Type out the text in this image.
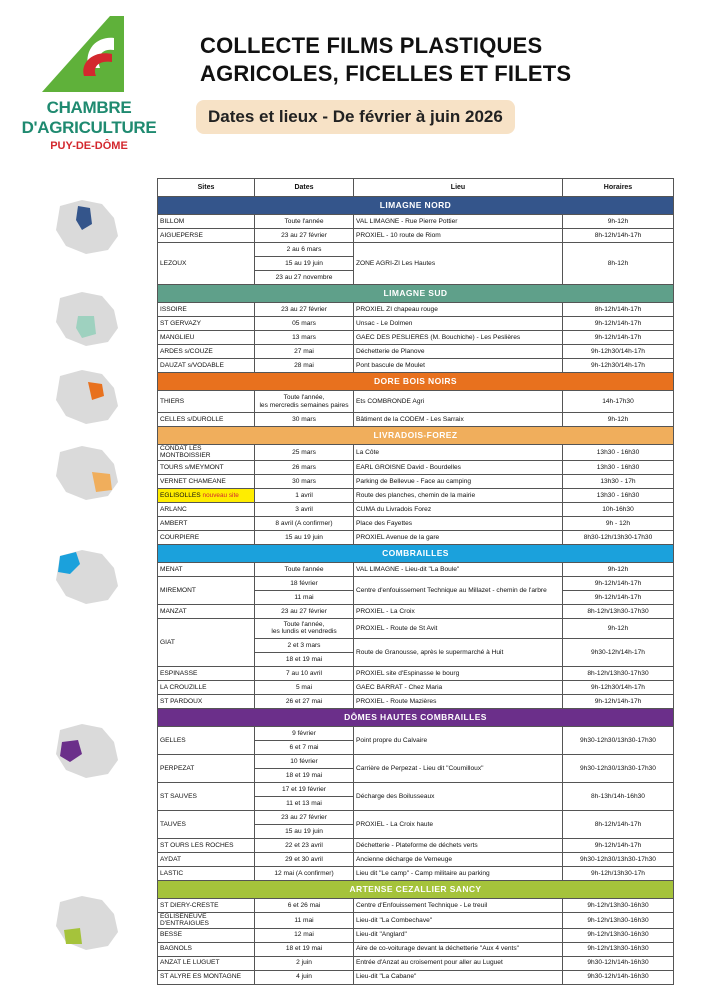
CHAMBRE
D'AGRICULTURE
PUY-DE-DÔME
COLLECTE FILMS PLASTIQUES
AGRICOLES, FICELLES ET FILETS
Dates et lieux - De février à juin 2026
Sites	Dates	Lieu	Horaires
LIMAGNE NORD			
BILLOM	Toute l'année	VAL LIMAGNE - Rue Pierre Pottier	9h-12h
AIGUEPERSE	23 au 27 février	PROXIEL - 10 route de Riom	8h-12h/14h-17h
LEZOUX	2 au 6 mars	ZONE AGRI-ZI Les Hautes	8h-12h
	15 au 19 juin		
	23 au 27 novembre		
LIMAGNE SUD			
ISSOIRE	23 au 27 février	PROXIEL ZI chapeau rouge	8h-12h/14h-17h
ST GERVAZY	05 mars	Unsac - Le Dolmen	9h-12h/14h-17h
MANGLIEU	13 mars	GAEC DES PESLIERES (M. Bouchiche) - Les Peslières	9h-12h/14h-17h
ARDES s/COUZE	27 mai	Déchetterie de Planove	9h-12h30/14h-17h
DAUZAT s/VODABLE	28 mai	Pont bascule de Moulet	9h-12h30/14h-17h
DORE BOIS NOIRS			
THIERS	Toute l'année,
les mercredis semaines paires	Ets COMBRONDE Agri	14h-17h30
CELLES s/DUROLLE	30 mars	Bâtiment de la CODEM - Les Sarraix	9h-12h
LIVRADOIS-FOREZ			
CONDAT LES MONTBOISSIER	25 mars	La Côte	13h30 - 16h30
TOURS s/MEYMONT	26 mars	EARL GROISNE David - Bourdelles	13h30 - 16h30
VERNET CHAMEANE	30 mars	Parking de Bellevue - Face au camping	13h30 - 17h
EGLISOLLES nouveau site	1 avril	Route des planches, chemin de la mairie	13h30 - 16h30
ARLANC	3 avril	CUMA du Livradois Forez	10h-16h30
AMBERT	8 avril (A confirmer)	Place des Fayettes	9h - 12h
COURPIERE	15 au 19 juin	PROXIEL Avenue de la gare	8h30-12h/13h30-17h30
COMBRAILLES			
MENAT	Toute l'année	VAL LIMAGNE - Lieu-dit "La Boule"	9h-12h
MIREMONT	18 février	Centre d'enfouissement Technique au Millazet - chemin de l'arbre	9h-12h/14h-17h
	11 mai		9h-12h/14h-17h
MANZAT	23 au 27 février	PROXIEL - La Croix	8h-12h/13h30-17h30
GIAT	Toute l'année,
les lundis et vendredis	PROXIEL - Route de St Avit	9h-12h
	2 et 3 mars	Route de Granousse, après le supermarché à Huit	9h30-12h/14h-17h
	18 et 19 mai		
ESPINASSE	7 au 10 avril	PROXIEL site d'Espinasse le bourg	8h-12h/13h30-17h30
LA CROUZILLE	5 mai	GAEC BARRAT - Chez Maria	9h-12h30/14h-17h
ST PARDOUX	26 et 27 mai	PROXIEL - Route Mazières	9h-12h/14h-17h
DÔMES HAUTES COMBRAILLES			
GELLES	9 février	Point propre du Calvaire	9h30-12h30/13h30-17h30
	6 et 7 mai		
PERPEZAT	10 février	Carrière de Perpezat - Lieu dit "Coumilloux"	9h30-12h30/13h30-17h30
	18 et 19 mai		
ST SAUVES	17 et 19 février	Décharge des Boilusseaux	8h-13h/14h-16h30
	11 et 13 mai		
TAUVES	23 au 27 février	PROXIEL - La Croix haute	8h-12h/14h-17h
	15 au 19 juin		
ST OURS LES ROCHES	22 et 23 avril	Déchetterie - Plateforme de déchets verts	9h-12h/14h-17h
AYDAT	29 et 30 avril	Ancienne décharge de Verneuge	9h30-12h30/13h30-17h30
LASTIC	12 mai (A confirmer)	Lieu dit "Le camp" - Camp militaire au parking	9h-12h/13h30-17h
ARTENSE CEZALLIER SANCY			
ST DIERY-CRESTE	6 et 26 mai	Centre d'Enfouissement Technique - Le treuil	9h-12h/13h30-16h30
EGLISENEUVE D'ENTRAIGUES	11 mai	Lieu-dit "La Combechave"	9h-12h/13h30-16h30
BESSE	12 mai	Lieu-dit "Anglard"	9h-12h/13h30-16h30
BAGNOLS	18 et 19 mai	Aire de co-voiturage devant la déchetterie "Aux 4 vents"	9h-12h/13h30-16h30
ANZAT LE LUGUET	2 juin	Entrée d'Anzat au croisement pour aller au Luguet	9h30-12h/14h-16h30
ST ALYRE ES MONTAGNE	4 juin	Lieu-dit "La Cabane"	9h30-12h/14h-16h30
